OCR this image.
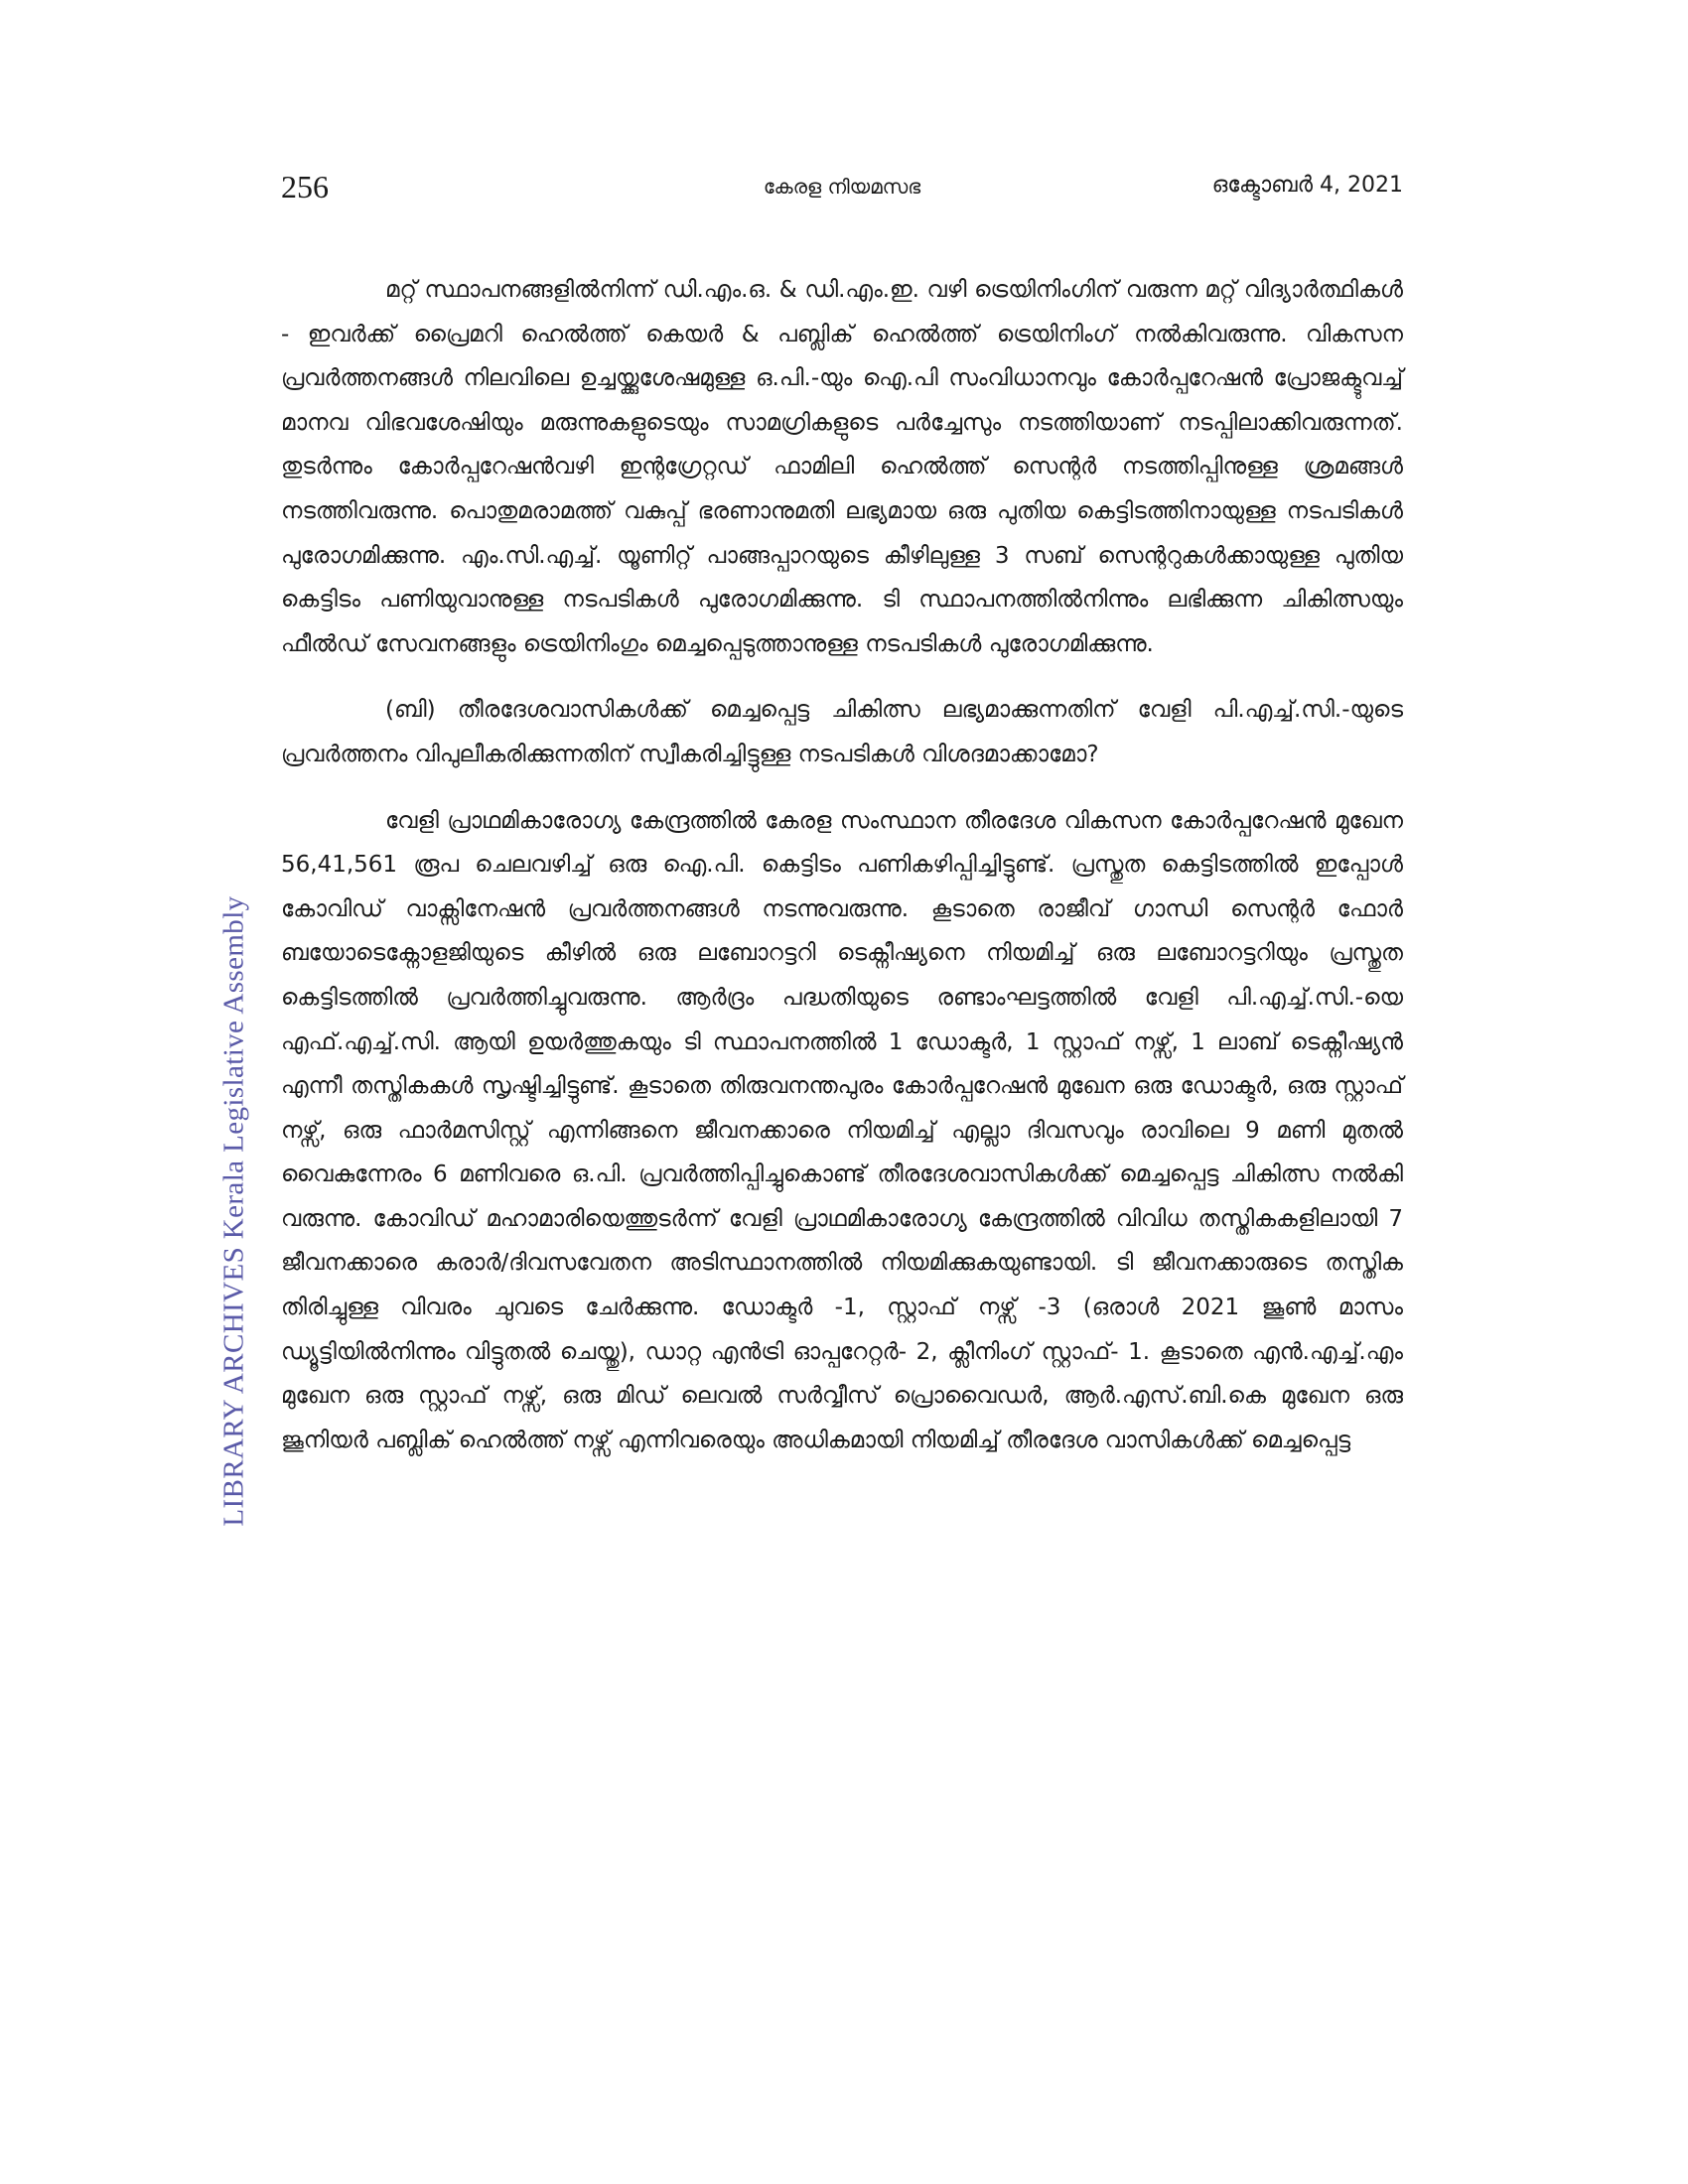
256	കേരള നിയമസഭ	ഒക്ടോബർ 4, 2021
LIBRARY ARCHIVES Kerala Legislative Assembly

മറ്റ് സ്ഥാപനങ്ങളിൽനിന്ന് ഡി.എം.ഒ. & ഡി.എം.ഇ. വഴി ട്രെയിനിംഗിന് വരുന്ന മറ്റ് വിദ്യാർത്ഥികൾ - ഇവർക്ക് പ്രൈമറി ഹെൽത്ത് കെയർ & പബ്ലിക് ഹെൽത്ത് ട്രെയിനിംഗ് നൽകിവരുന്നു. വികസന പ്രവർത്തനങ്ങൾ നിലവിലെ ഉച്ചയ്ക്കുശേഷമുള്ള ഒ.പി.-യും ഐ.പി സംവിധാനവും കോർപ്പറേഷൻ പ്രോജക്ടുവച്ച് മാനവ വിഭവശേഷിയും മരുന്നുകളുടെയും സാമഗ്രികളുടെ പർച്ചേസും നടത്തിയാണ് നടപ്പിലാക്കിവരുന്നത്. തുടർന്നും കോർപ്പറേഷൻവഴി ഇന്റഗ്രേറ്റഡ് ഫാമിലി ഹെൽത്ത് സെന്റർ നടത്തിപ്പിനുള്ള ശ്രമങ്ങൾ നടത്തിവരുന്നു. പൊതുമരാമത്ത് വകുപ്പ് ഭരണാനുമതി ലഭ്യമായ ഒരു പുതിയ കെട്ടിടത്തിനായുള്ള നടപടികൾ പുരോഗമിക്കുന്നു. എം.സി.എച്ച്. യൂണിറ്റ് പാങ്ങപ്പാറയുടെ കീഴിലുള്ള 3 സബ് സെന്ററുകൾക്കായുള്ള പുതിയ കെട്ടിടം പണിയുവാനുള്ള നടപടികൾ പുരോഗമിക്കുന്നു. ടി സ്ഥാപനത്തിൽനിന്നും ലഭിക്കുന്ന ചികിത്സയും ഫീൽഡ് സേവനങ്ങളും ട്രെയിനിംഗും മെച്ചപ്പെടുത്താനുള്ള നടപടികൾ പുരോഗമിക്കുന്നു.

(ബി) തീരദേശവാസികൾക്ക് മെച്ചപ്പെട്ട ചികിത്സ ലഭ്യമാക്കുന്നതിന് വേളി പി.എച്ച്.സി.-യുടെ പ്രവർത്തനം വിപുലീകരിക്കുന്നതിന് സ്വീകരിച്ചിട്ടുള്ള നടപടികൾ വിശദമാക്കാമോ?

വേളി പ്രാഥമികാരോഗ്യ കേന്ദ്രത്തിൽ കേരള സംസ്ഥാന തീരദേശ വികസന കോർപ്പറേഷൻ മുഖേന 56,41,561 രൂപ ചെലവഴിച്ച് ഒരു ഐ.പി. കെട്ടിടം പണികഴിപ്പിച്ചിട്ടുണ്ട്. പ്രസ്തുത കെട്ടിടത്തിൽ ഇപ്പോൾ കോവിഡ് വാക്സിനേഷൻ പ്രവർത്തനങ്ങൾ നടന്നുവരുന്നു. കൂടാതെ രാജീവ് ഗാന്ധി സെന്റർ ഫോർ ബയോടെക്നോളജിയുടെ കീഴിൽ ഒരു ലബോറട്ടറി ടെക്നീഷ്യനെ നിയമിച്ച് ഒരു ലബോറട്ടറിയും പ്രസ്തുത കെട്ടിടത്തിൽ പ്രവർത്തിച്ചുവരുന്നു. ആർദ്രം പദ്ധതിയുടെ രണ്ടാംഘട്ടത്തിൽ വേളി പി.എച്ച്.സി.-യെ എഫ്.എച്ച്.സി. ആയി ഉയർത്തുകയും ടി സ്ഥാപനത്തിൽ 1 ഡോക്ടർ, 1 സ്റ്റാഫ് നഴ്സ്, 1 ലാബ് ടെക്നീഷ്യൻ എന്നീ തസ്തികകൾ സൃഷ്ടിച്ചിട്ടുണ്ട്. കൂടാതെ തിരുവനന്തപുരം കോർപ്പറേഷൻ മുഖേന ഒരു ഡോക്ടർ, ഒരു സ്റ്റാഫ് നഴ്സ്, ഒരു ഫാർമസിസ്റ്റ് എന്നിങ്ങനെ ജീവനക്കാരെ നിയമിച്ച് എല്ലാ ദിവസവും രാവിലെ 9 മണി മുതൽ വൈകുന്നേരം 6 മണിവരെ ഒ.പി. പ്രവർത്തിപ്പിച്ചുകൊണ്ട് തീരദേശവാസികൾക്ക് മെച്ചപ്പെട്ട ചികിത്സ നൽകി വരുന്നു. കോവിഡ് മഹാമാരിയെത്തുടർന്ന് വേളി പ്രാഥമികാരോഗ്യ കേന്ദ്രത്തിൽ വിവിധ തസ്തികകളിലായി 7 ജീവനക്കാരെ കരാർ/ദിവസവേതന അടിസ്ഥാനത്തിൽ നിയമിക്കുകയുണ്ടായി. ടി ജീവനക്കാരുടെ തസ്തിക തിരിച്ചുള്ള വിവരം ചുവടെ ചേർക്കുന്നു. ഡോക്ടർ -1, സ്റ്റാഫ് നഴ്സ് -3 (ഒരാൾ 2021 ജൂൺ മാസം ഡ്യൂട്ടിയിൽനിന്നും വിട്ടുതൽ ചെയ്തു), ഡാറ്റ എൻട്രി ഓപ്പറേറ്റർ- 2, ക്ലീനിംഗ് സ്റ്റാഫ്- 1. കൂടാതെ എൻ.എച്ച്.എം മുഖേന ഒരു സ്റ്റാഫ് നഴ്സ്, ഒരു മിഡ് ലെവൽ സർവ്വീസ് പ്രൊവൈഡർ, ആർ.എസ്.ബി.കെ മുഖേന ഒരു ജൂനിയർ പബ്ലിക് ഹെൽത്ത് നഴ്സ് എന്നിവരെയും അധികമായി നിയമിച്ച് തീരദേശ വാസികൾക്ക് മെച്ചപ്പെട്ട
